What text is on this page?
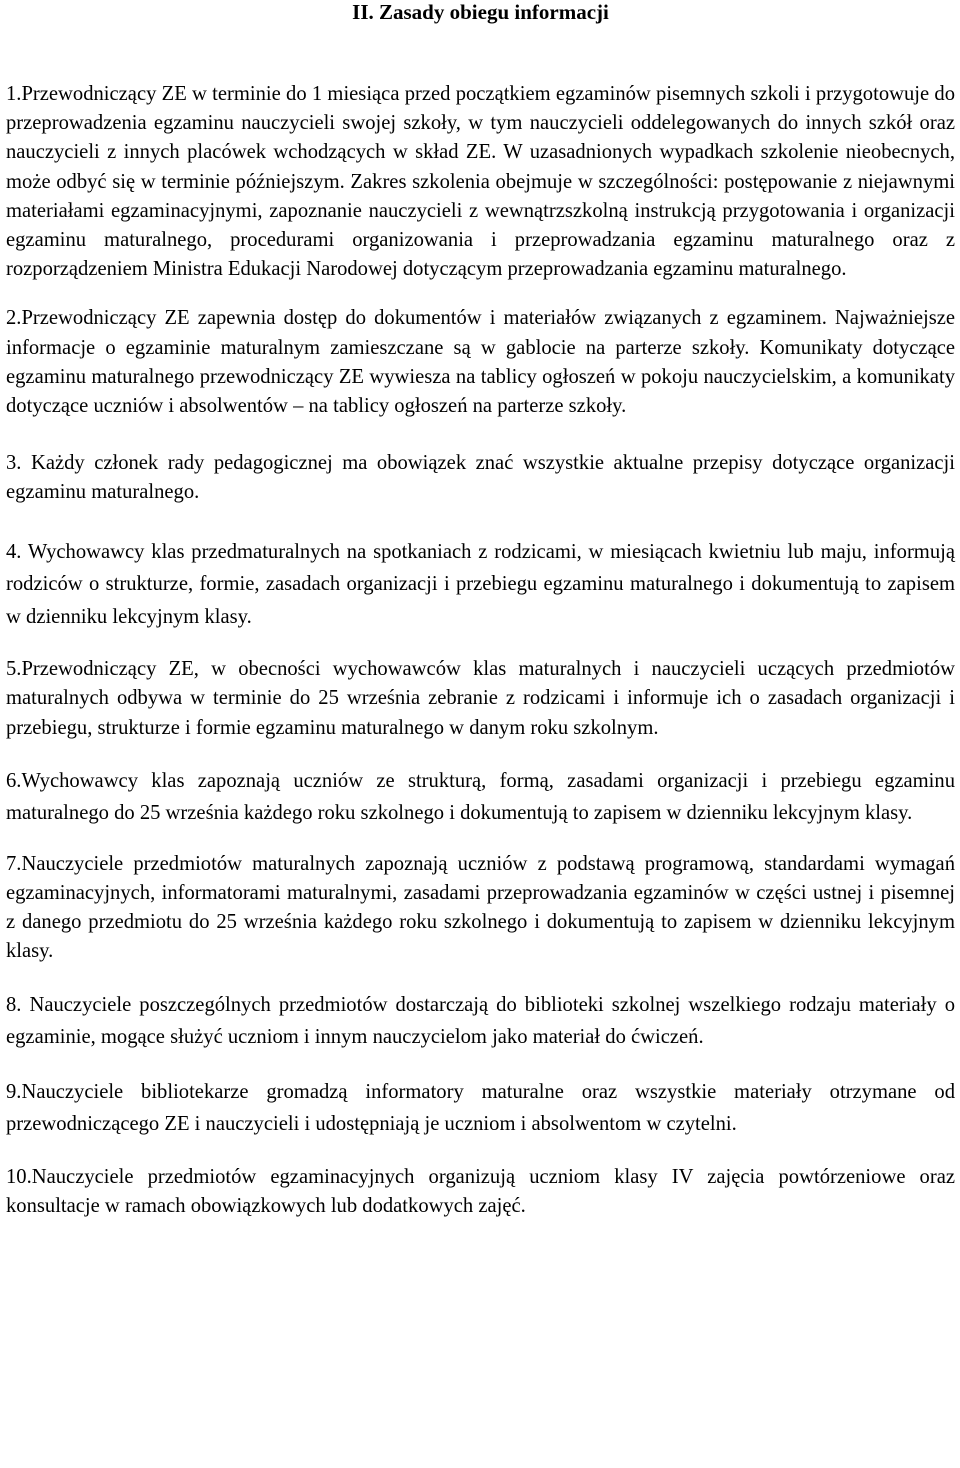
II. Zasady obiegu informacji

1.Przewodniczący ZE w terminie do 1 miesiąca przed początkiem egzaminów pisemnych szkoli i przygotowuje do przeprowadzenia egzaminu nauczycieli swojej szkoły, w tym nauczycieli oddelegowanych do innych szkół oraz nauczycieli z innych placówek wchodzących w skład ZE. W uzasadnionych wypadkach szkolenie nieobecnych, może odbyć się w terminie późniejszym. Zakres szkolenia obejmuje w szczególności: postępowanie z niejawnymi materiałami egzaminacyjnymi, zapoznanie nauczycieli z wewnątrzszkolną instrukcją przygotowania i organizacji egzaminu maturalnego, procedurami organizowania i przeprowadzania egzaminu maturalnego oraz z rozporządzeniem Ministra Edukacji Narodowej dotyczącym przeprowadzania egzaminu maturalnego.

2.Przewodniczący ZE zapewnia dostęp do dokumentów i materiałów związanych z egzaminem. Najważniejsze informacje o egzaminie maturalnym zamieszczane są w gablocie na parterze szkoły. Komunikaty dotyczące egzaminu maturalnego przewodniczący ZE wywiesza na tablicy ogłoszeń w pokoju nauczycielskim, a komunikaty dotyczące uczniów i absolwentów – na tablicy ogłoszeń na parterze szkoły.

3. Każdy członek rady pedagogicznej ma obowiązek znać wszystkie aktualne przepisy dotyczące organizacji egzaminu maturalnego.

4. Wychowawcy klas przedmaturalnych na spotkaniach z rodzicami, w miesiącach kwietniu lub maju, informują rodziców o strukturze, formie, zasadach organizacji i przebiegu egzaminu maturalnego i dokumentują to zapisem w dzienniku lekcyjnym klasy.

5.Przewodniczący ZE, w obecności wychowawców klas maturalnych i nauczycieli uczących przedmiotów maturalnych odbywa w terminie do 25 września zebranie z rodzicami i informuje ich o zasadach organizacji i przebiegu, strukturze i formie egzaminu maturalnego w danym roku szkolnym.

6.Wychowawcy klas zapoznają uczniów ze strukturą, formą, zasadami organizacji i przebiegu egzaminu maturalnego do 25 września każdego roku szkolnego i dokumentują to zapisem w dzienniku lekcyjnym klasy.

7.Nauczyciele przedmiotów maturalnych zapoznają uczniów z podstawą programową, standardami wymagań egzaminacyjnych, informatorami maturalnymi, zasadami przeprowadzania egzaminów w części ustnej i pisemnej z danego przedmiotu do 25 września każdego roku szkolnego i dokumentują to zapisem w dzienniku lekcyjnym klasy.

8. Nauczyciele poszczególnych przedmiotów dostarczają do biblioteki szkolnej wszelkiego rodzaju materiały o egzaminie, mogące służyć uczniom i innym nauczycielom jako materiał do ćwiczeń.

9.Nauczyciele bibliotekarze gromadzą informatory maturalne oraz wszystkie materiały otrzymane od przewodniczącego ZE i nauczycieli i udostępniają je uczniom i absolwentom w czytelni.

10.Nauczyciele przedmiotów egzaminacyjnych organizują uczniom klasy IV zajęcia powtórzeniowe oraz konsultacje w ramach obowiązkowych lub dodatkowych zajęć.
